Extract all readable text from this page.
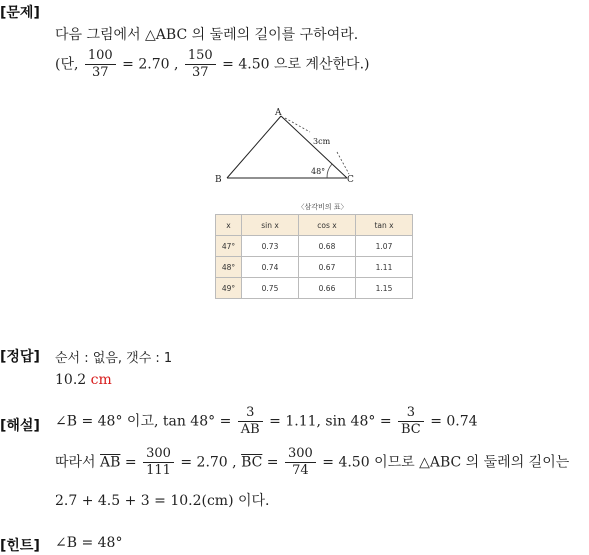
[문제]
다음 그림에서 △ABC 의 둘레의 길이를 구하여라.
(단, $\frac{100}{37} = 2.70$ , $\frac{150}{37} = 4.50$ 으로 계산한다.)
A
B	C
3cm
48°
〈삼각비의 표〉
x	sin x	cos x	tan x
47°	0.73	0.68	1.07
48°	0.74	0.67	1.11
49°	0.75	0.66	1.15
[정답] 순서 : 없음, 갯수 : 1
10.2 cm
[해설] ∠B = 48° 이고, $\tan 48^\circ = \frac{3}{AB} = 1.11$, $\sin 48^\circ = \frac{3}{BC} = 0.74$
따라서 $\overline{AB} = \frac{300}{111} = 2.70$ , $\overline{BC} = \frac{300}{74} = 4.50$ 이므로 △ABC 의 둘레의 길이는
2.7 + 4.5 + 3 = 10.2(cm) 이다.
[힌트] ∠B = 48°
